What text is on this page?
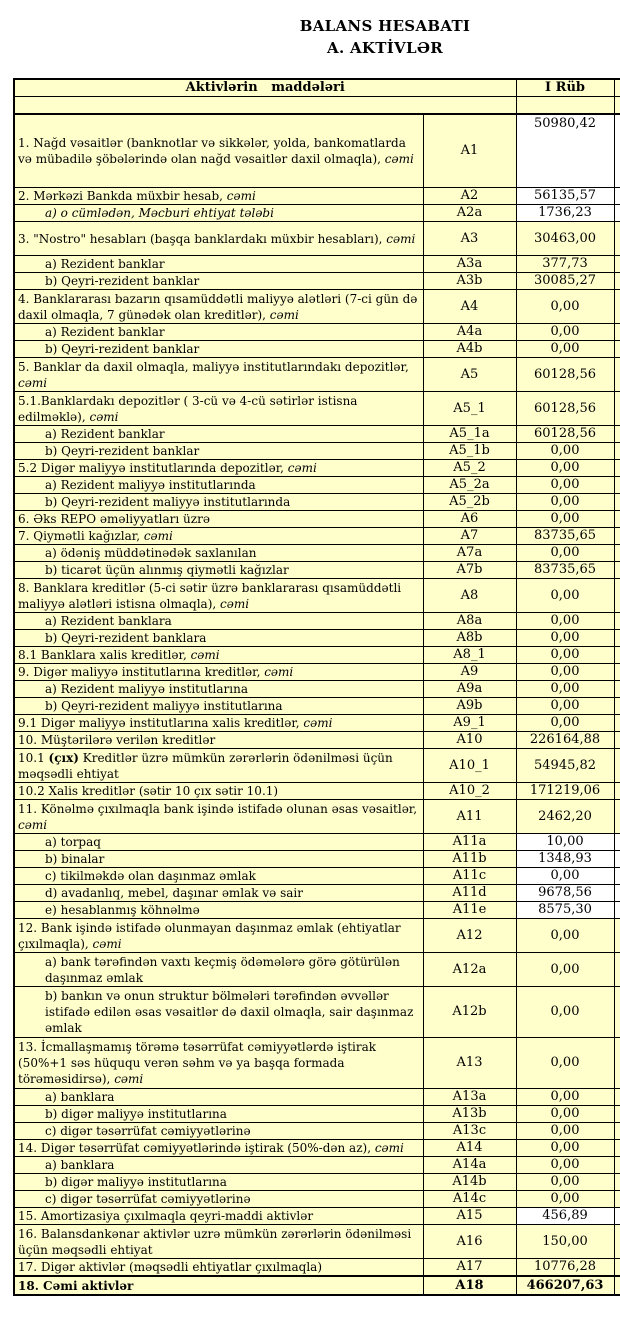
BALANS HESABATI
A. AKTİVLƏR
Aktivlərin maddələri		I Rüb	

1. Nağd vəsaitlər (banknotlar və sikkələr, yolda, bankomatlarda və mübadilə şöbələrində olan nağd vəsaitlər daxil olmaqla), cəmi	A1	50980,42	
2. Mərkəzi Bankda müxbir hesab, cəmi	A2	56135,57	
a) o cümlədən, Məcburi ehtiyat tələbi	A2a	1736,23	
3. "Nostro" hesabları (başqa banklardakı müxbir hesabları), cəmi	A3	30463,00	
a) Rezident banklar	A3a	377,73	
b) Qeyri-rezident banklar	A3b	30085,27	
4. Banklararası bazarın qısamüddətli maliyyə alətləri (7-ci gün də daxil olmaqla, 7 günədək olan kreditlər), cəmi	A4	0,00	
a) Rezident banklar	A4a	0,00	
b) Qeyri-rezident banklar	A4b	0,00	
5. Banklar da daxil olmaqla, maliyyə institutlarındakı depozitlər, cəmi	A5	60128,56	
5.1.Banklardakı depozitlər ( 3-cü və 4-cü sətirlər istisna edilməklə), cəmi	A5_1	60128,56	
a) Rezident banklar	A5_1a	60128,56	
b) Qeyri-rezident banklar	A5_1b	0,00	
5.2 Digər maliyyə institutlarında depozitlər, cəmi	A5_2	0,00	
a) Rezident maliyyə institutlarında	A5_2a	0,00	
b) Qeyri-rezident maliyyə institutlarında	A5_2b	0,00	
6. Əks REPO əməliyyatları üzrə	A6	0,00	
7. Qiymətli kağızlar, cəmi	A7	83735,65	
a) ödəniş müddətinədək saxlanılan	A7a	0,00	
b) ticarət üçün alınmış qiymətli kağızlar	A7b	83735,65	
8. Banklara kreditlər (5-ci sətir üzrə banklararası qısamüddətli maliyyə alətləri istisna olmaqla), cəmi	A8	0,00	
a) Rezident banklara	A8a	0,00	
b) Qeyri-rezident banklara	A8b	0,00	
8.1 Banklara xalis kreditlər, cəmi	A8_1	0,00	
9. Digər maliyyə institutlarına kreditlər, cəmi	A9	0,00	
a) Rezident maliyyə institutlarına	A9a	0,00	
b) Qeyri-rezident maliyyə institutlarına	A9b	0,00	
9.1 Digər maliyyə institutlarına xalis kreditlər, cəmi	A9_1	0,00	
10. Müştərilərə verilən kreditlər	A10	226164,88	
10.1 (çıx) Kreditlər üzrə mümkün zərərlərin ödənilməsi üçün məqsədli ehtiyat	A10_1	54945,82	
10.2 Xalis kreditlər (sətir 10 çıx sətir 10.1)	A10_2	171219,06	
11. Könəlmə çıxılmaqla bank işində istifadə olunan əsas vəsaitlər, cəmi	A11	2462,20	
a) torpaq	A11a	10,00	
b) binalar	A11b	1348,93	
c) tikilməkdə olan daşınmaz əmlak	A11c	0,00	
d) avadanlıq, mebel, daşınar əmlak və sair	A11d	9678,56	
e) hesablanmış köhnəlmə	A11e	8575,30	
12. Bank işində istifadə olunmayan daşınmaz əmlak (ehtiyatlar çıxılmaqla), cəmi	A12	0,00	
a) bank tərəfindən vaxtı keçmiş ödəmələrə görə götürülən daşınmaz əmlak	A12a	0,00	
b) bankın və onun struktur bölmələri tərəfindən əvvəllər istifadə edilən əsas vəsaitlər də daxil olmaqla, sair daşınmaz əmlak	A12b	0,00	
13. İcmallaşmamış törəmə təsərrüfat cəmiyyətlərdə iştirak (50%+1 səs hüququ verən səhm və ya başqa formada törəməsidirsə), cəmi	A13	0,00	
a) banklara	A13a	0,00	
b) digər maliyyə institutlarına	A13b	0,00	
c) digər təsərrüfat cəmiyyətlərinə	A13c	0,00	
14. Digər təsərrüfat cəmiyyətlərində iştirak (50%-dən az), cəmi	A14	0,00	
a) banklara	A14a	0,00	
b) digər maliyyə institutlarına	A14b	0,00	
c) digər təsərrüfat cəmiyyətlərinə	A14c	0,00	
15. Amortizasiya çıxılmaqla qeyri-maddi aktivlər	A15	456,89	
16. Balansdankənar aktivlər uzrə mümkün zərərlərin ödənilməsi üçün məqsədli ehtiyat	A16	150,00	
17. Digər aktivlər (məqsədli ehtiyatlar çıxılmaqla)	A17	10776,28	
18. Cəmi aktivlər	A18	466207,63	
